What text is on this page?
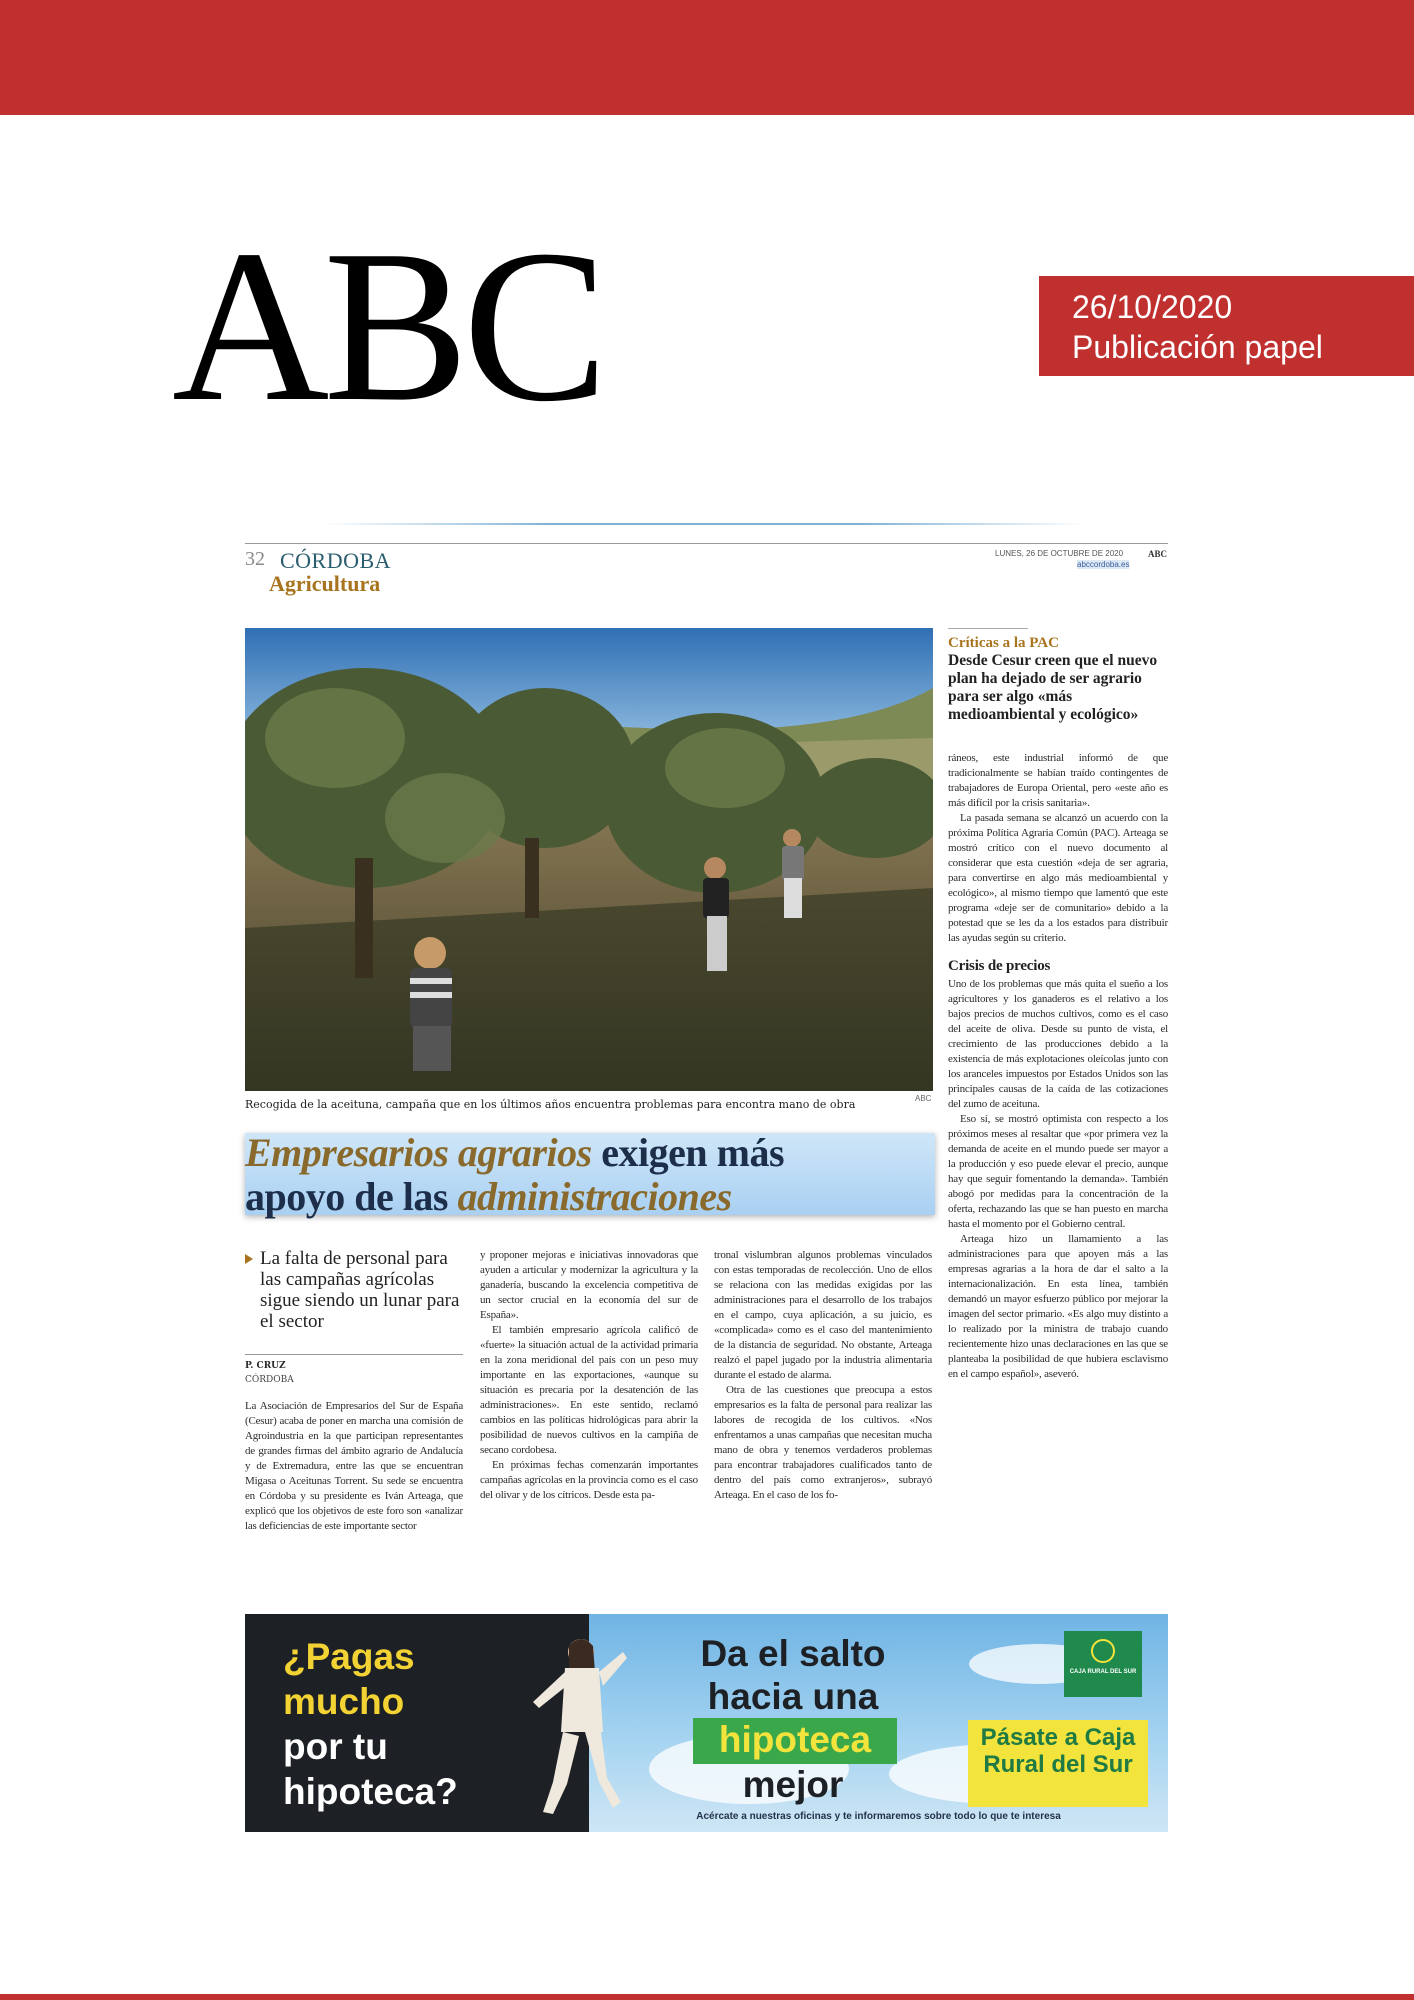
ABC	26/10/2020
Publicación papel
32 CÓRDOBA
Agricultura
LUNES, 26 DE OCTUBRE DE 2020	ABC
abccordoba.es
Recogida de la aceituna, campaña que en los últimos años encuentra problemas para encontra mano de obra	ABC
Empresarios agrarios exigen más
apoyo de las administraciones
La falta de personal para las campañas agrícolas sigue siendo un lunar para el sector
P. CRUZ
CÓRDOBA

La Asociación de Empresarios del Sur de España (Cesur) acaba de poner en marcha una comisión de Agroindustria en la que participan representantes de grandes firmas del ámbito agrario de Andalucía y de Extremadura, entre las que se encuentran Migasa o Aceitunas Torrent. Su sede se encuentra en Córdoba y su presidente es Iván Arteaga, que explicó que los objetivos de este foro son «analizar las deficiencias de este importante sector

y proponer mejoras e iniciativas innovadoras que ayuden a articular y modernizar la agricultura y la ganadería, buscando la excelencia competitiva de un sector crucial en la economía del sur de España».

El también empresario agrícola calificó de «fuerte» la situación actual de la actividad primaria en la zona meridional del país con un peso muy importante en las exportaciones, «aunque su situación es precaria por la desatención de las administraciones». En este sentido, reclamó cambios en las políticas hidrológicas para abrir la posibilidad de nuevos cultivos en la campiña de secano cordobesa.

En próximas fechas comenzarán importantes campañas agrícolas en la provincia como es el caso del olivar y de los cítricos. Desde esta pa-

tronal vislumbran algunos problemas vinculados con estas temporadas de recolección. Uno de ellos se relaciona con las medidas exigidas por las administraciones para el desarrollo de los trabajos en el campo, cuya aplicación, a su juicio, es «complicada» como es el caso del mantenimiento de la distancia de seguridad. No obstante, Arteaga realzó el papel jugado por la industria alimentaria durante el estado de alarma.

Otra de las cuestiones que preocupa a estos empresarios es la falta de personal para realizar las labores de recogida de los cultivos. «Nos enfrentamos a unas campañas que necesitan mucha mano de obra y tenemos verdaderos problemas para encontrar trabajadores cualificados tanto de dentro del país como extranjeros», subrayó Arteaga. En el caso de los fo-

Críticas a la PAC
Desde Cesur creen que el nuevo plan ha dejado de ser agrario para ser algo «más medioambiental y ecológico»

ráneos, este industrial informó de que tradicionalmente se habían traído contingentes de trabajadores de Europa Oriental, pero «este año es más difícil por la crisis sanitaria».

La pasada semana se alcanzó un acuerdo con la próxima Política Agraria Común (PAC). Arteaga se mostró crítico con el nuevo documento al considerar que esta cuestión «deja de ser agraria, para convertirse en algo más medioambiental y ecológico», al mismo tiempo que lamentó que este programa «deje ser de comunitario» debido a la potestad que se les da a los estados para distribuir las ayudas según su criterio.

Crisis de precios

Uno de los problemas que más quita el sueño a los agricultores y los ganaderos es el relativo a los bajos precios de muchos cultivos, como es el caso del aceite de oliva. Desde su punto de vista, el crecimiento de las producciones debido a la existencia de más explotaciones oleícolas junto con los aranceles impuestos por Estados Unidos son las principales causas de la caída de las cotizaciones del zumo de aceituna.

Eso sí, se mostró optimista con respecto a los próximos meses al resaltar que «por primera vez la demanda de aceite en el mundo puede ser mayor a la producción y eso puede elevar el precio, aunque hay que seguir fomentando la demanda». También abogó por medidas para la concentración de la oferta, rechazando las que se han puesto en marcha hasta el momento por el Gobierno central.

Arteaga hizo un llamamiento a las administraciones para que apoyen más a las empresas agrarias a la hora de dar el salto a la internacionalización. En esta línea, también demandó un mayor esfuerzo público por mejorar la imagen del sector primario. «Es algo muy distinto a lo realizado por la ministra de trabajo cuando recientemente hizo unas declaraciones en las que se planteaba la posibilidad de que hubiera esclavismo en el campo español», aseveró.

¿Pagas
mucho
por tu
hipoteca?
Da el salto
hacia una
hipoteca
mejor
CAJA RURAL DEL SUR
Pásate a Caja Rural del Sur
Acércate a nuestras oficinas y te informaremos sobre todo lo que te interesa
